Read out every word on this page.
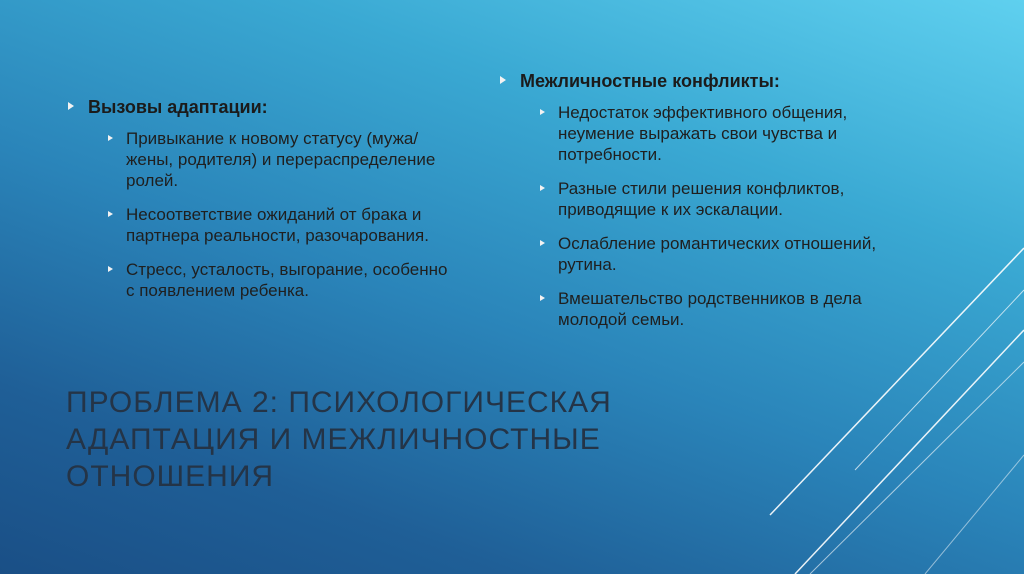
Вызовы адаптации:
Привыкание к новому статусу (мужа/жены, родителя) и перераспределение ролей.
Несоответствие ожиданий от брака и партнера реальности, разочарования.
Стресс, усталость, выгорание, особенно с появлением ребенка.
Межличностные конфликты:
Недостаток эффективного общения, неумение выражать свои чувства и потребности.
Разные стили решения конфликтов, приводящие к их эскалации.
Ослабление романтических отношений, рутина.
Вмешательство родственников в дела молодой семьи.
ПРОБЛЕМА 2: ПСИХОЛОГИЧЕСКАЯ АДАПТАЦИЯ И МЕЖЛИЧНОСТНЫЕ ОТНОШЕНИЯ
